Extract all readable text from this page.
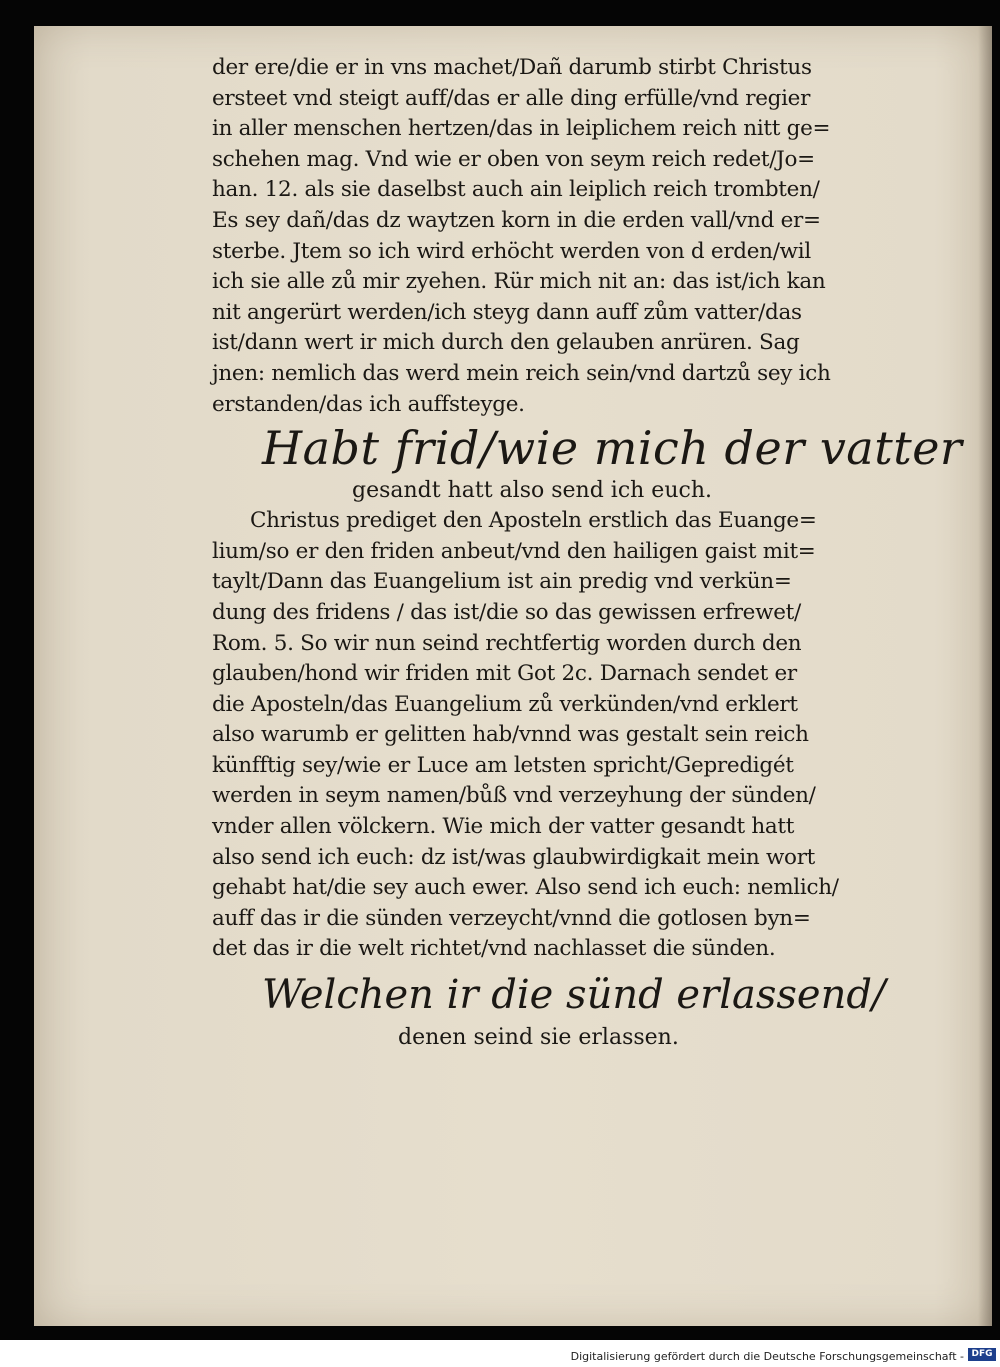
der ere/die er in vns machet/Dañ darumb stirbt Christus
ersteet vnd steigt auff/das er alle ding erfülle/vnd regier
in aller menschen hertzen/das in leiplichem reich nitt ge=
schehen mag. Vnd wie er oben von seym reich redet/Jo=
han. 12. als sie daselbst auch ain leiplich reich trombten/
Es sey dañ/das dz waytzen korn in die erden vall/vnd er=
sterbe. Jtem so ich wird erhöcht werden von d erden/wil
ich sie alle zů mir zyehen. Rür mich nit an: das ist/ich kan
nit angerürt werden/ich steyg dann auff zům vatter/das
ist/dann wert ir mich durch den gelauben anrüren. Sag
jnen: nemlich das werd mein reich sein/vnd dartzů sey ich
erstanden/das ich auffsteyge.
Habt frid/wie mich der vatter
gesandt hatt also send ich euch.
Christus prediget den Aposteln erstlich das Euange=
lium/so er den friden anbeut/vnd den hailigen gaist mit=
taylt/Dann das Euangelium ist ain predig vnd verkün=
dung des fridens / das ist/die so das gewissen erfrewet/
Rom. 5. So wir nun seind rechtfertig worden durch den
glauben/hond wir friden mit Got 2c. Darnach sendet er
die Aposteln/das Euangelium zů verkünden/vnd erklert
also warumb er gelitten hab/vnnd was gestalt sein reich
künfftig sey/wie er Luce am letsten spricht/Gepredigét
werden in seym namen/bůß vnd verzeyhung der sünden/
vnder allen völckern. Wie mich der vatter gesandt hatt
also send ich euch: dz ist/was glaubwirdigkait mein wort
gehabt hat/die sey auch ewer. Also send ich euch: nemlich/
auff das ir die sünden verzeycht/vnnd die gotlosen byn=
det das ir die welt richtet/vnd nachlasset die sünden.
Welchen ir die sünd erlassend/
denen seind sie erlassen.
Digitalisierung gefördert durch die Deutsche Forschungsgemeinschaft - DFG
